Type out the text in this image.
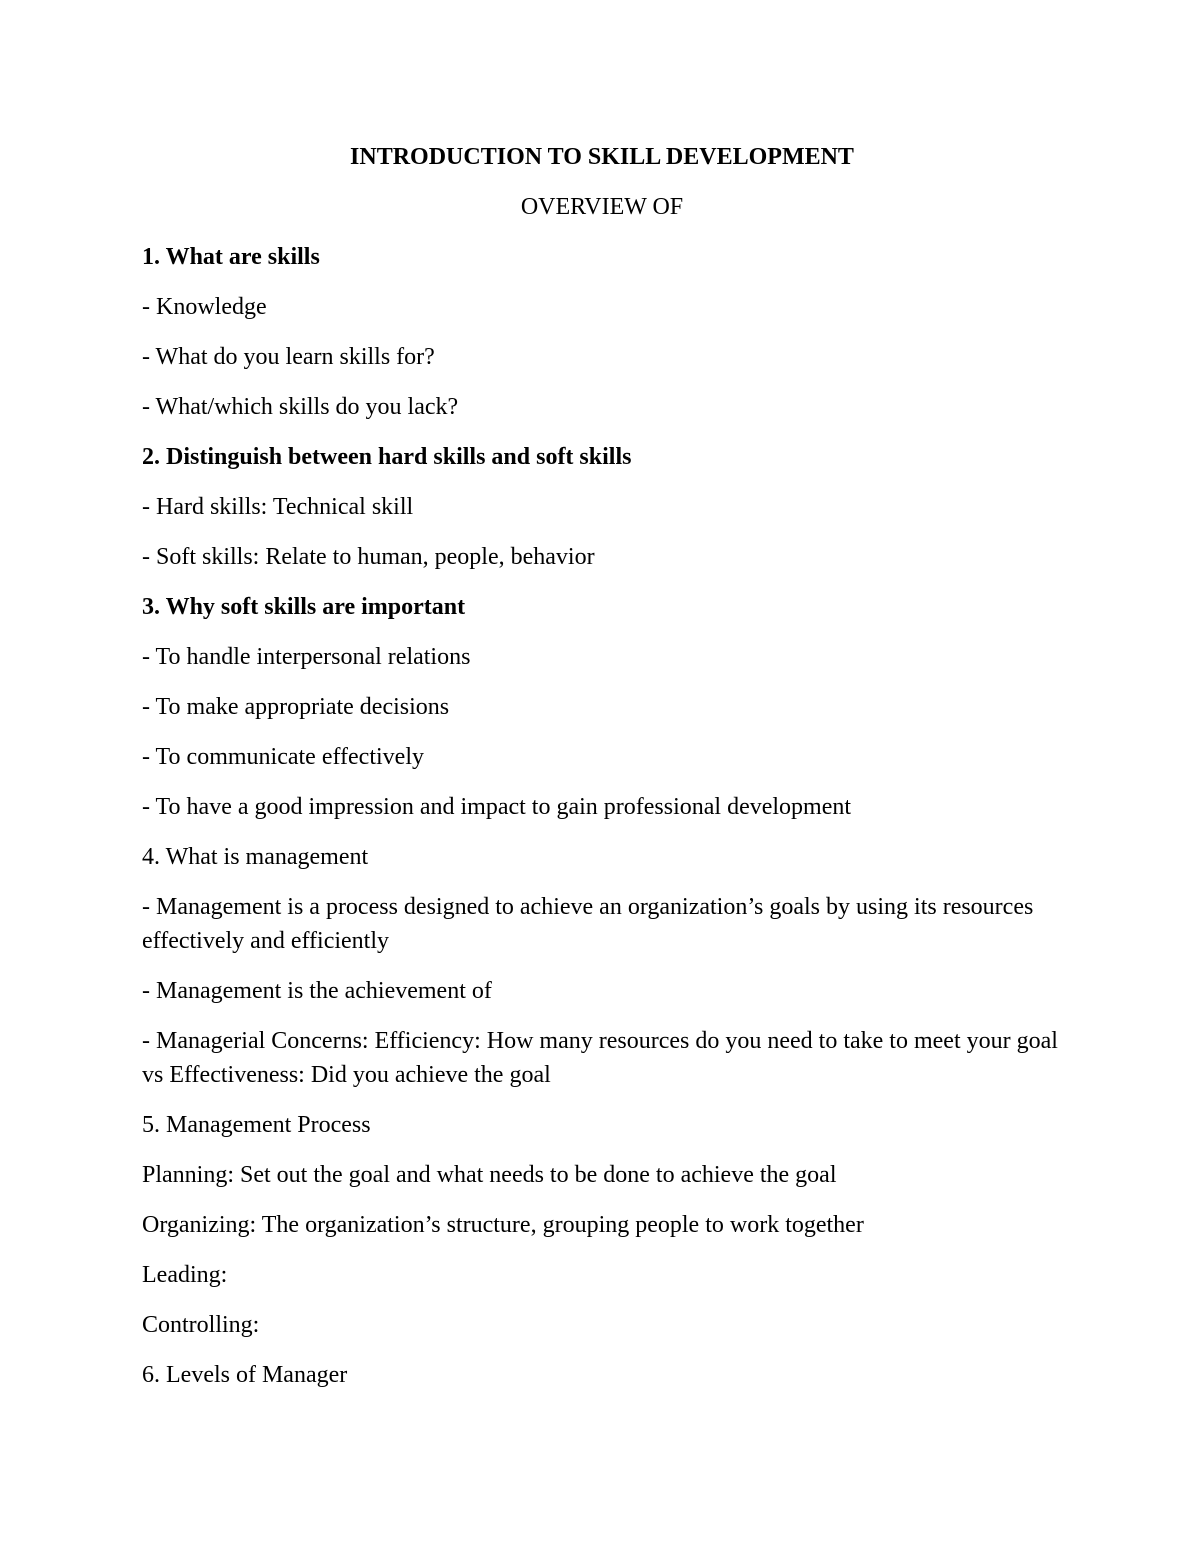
INTRODUCTION TO SKILL DEVELOPMENT

OVERVIEW OF

1. What are skills

- Knowledge

- What do you learn skills for?

- What/which skills do you lack?

2. Distinguish between hard skills and soft skills

- Hard skills: Technical skill

- Soft skills: Relate to human, people, behavior

3. Why soft skills are important

- To handle interpersonal relations

- To make appropriate decisions

- To communicate effectively

- To have a good impression and impact to gain professional development

4. What is management

- Management is a process designed to achieve an organization’s goals by using its resources effectively and efficiently

- Management is the achievement of

- Managerial Concerns: Efficiency: How many resources do you need to take to meet your goal vs Effectiveness: Did you achieve the goal

5. Management Process

Planning: Set out the goal and what needs to be done to achieve the goal

Organizing: The organization’s structure, grouping people to work together

Leading:

Controlling:

6. Levels of Manager
